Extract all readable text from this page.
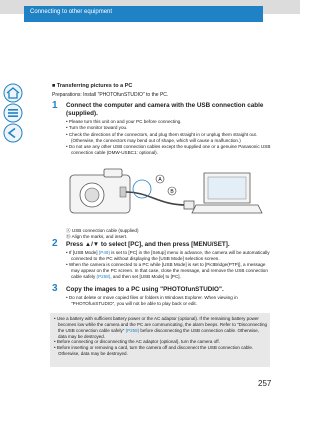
Connecting to other equipment
■ Transferring pictures to a PC
Preparations: Install "PHOTOfunSTUDIO" to the PC.
1 Connect the computer and camera with the USB connection cable (supplied).
• Please turn this unit on and your PC before connecting.
• Turn the monitor toward you.
• Check the directions of the connectors, and plug them straight in or unplug them straight out. (Otherwise, the connectors may bend out of shape, which will cause a malfunction.)
• Do not use any other USB connection cables except the supplied one or a genuine Panasonic USB connection cable (DMW-USBC1: optional).
A
B
Ⓐ USB connection cable (supplied)
Ⓑ Align the marks, and insert.
2 Press ▲/▼ to select [PC], and then press [MENU/SET].
• If [USB Mode] (P49) is set to [PC] in the [Setup] menu in advance, the camera will be automatically connected to the PC without displaying the [USB Mode] selection screen.
• When the camera is connected to a PC while [USB Mode] is set to [PictBridge(PTP)], a message may appear on the PC screen. In that case, close the message, and remove the USB connection cable safely (P258), and then set [USB Mode] to [PC].
3 Copy the images to a PC using "PHOTOfunSTUDIO".
• Do not delete or move copied files or folders in Windows Explorer. When viewing in "PHOTOfunSTUDIO", you will not be able to play back or edit.
• Use a battery with sufficient battery power or the AC adaptor (optional). If the remaining battery power becomes low while the camera and the PC are communicating, the alarm beeps. Refer to "Disconnecting the USB connection cable safely" (P258) before disconnecting the USB connection cable. Otherwise, data may be destroyed.
• Before connecting or disconnecting the AC adaptor (optional), turn the camera off.
• Before inserting or removing a card, turn the camera off and disconnect the USB connection cable. Otherwise, data may be destroyed.
257
